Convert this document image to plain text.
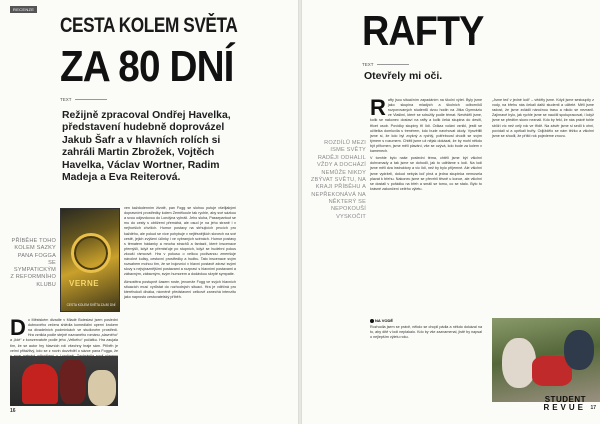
RECENZE
CESTA KOLEM SVĚTA
ZA 80 DNÍ
TEXT
Režijně zpracoval Ondřej Havelka, představení hudebně doprovázel Jakub Šafr a v hlavních rolích si zahráli Martin Zbrožek, Vojtěch Havelka, Václav Wortner, Radim Madeja a Eva Reiterová.
PŘÍBĚHE TOHO KOLEM SAZKY PANA FOGGA SE SYMPATICKÝM Z REFORMNÍHO KLUBU VERNE
CESTA KOLEM SVĚTA ZA 80 DNÍ
D o Městském divadle v Mladé Boleslavi jsem poslední dubnového večera shlédla komediální operní krokem na divadelních podmínkách ve studiovém prostředí. Hra vznikla podle stejně nazvaného románu „slavného“ a „lidé“ z konzervatoře podle jeho „Velkého“ počátku. Hra zaujala tím, že se autor hry hlavních rolí všechny hraje sám. Příběh je velmi přitažlivý, kdo se z novin dozvěděl o sázce pana Fogga, že

ven každodenním životě, pan Fogg se slohou putuje všelijakými dopravními prostředky kolem Zeměkoule tak rychle, aby své sázkou a svou odjezdovou do Londýna vyhráli. Jeho sluha, Passepartout se mu do cesty s obtížemi přemáhá, ale osud je na jeho straně i v nejhorších chvílích. Humor postavy na strhujících prvcích pro každého, ale pokud se více pohybuje v nejtěsnějších slovech na své cestě, jejich zvýšení účinky i ve vybraných scénách. Humor postavy s tématem hádanky a mnoha strachů a fantazií, které inscenace přemýšlí, když se přemisťuje po stupních, když se hudební pokus zkouší rámcově. Hra v pokusu o velkou podívanou zmenšuje náročné kulisy, cestovní prostředky a hudbu. Tato inscenace svým rozsahem mohou tím, že se bojovníci v hlavní postavě zdraví svými slovy s nejvýraznějšími postavami a rozpraví s hlavními postavami a zábavným, zábavným, svým humorem a dodávkou skryté sympatie.

Atmosféra postupně časem roste, jenomže Fogg ve svých hlavních situacích musí vyrůstat do rozhodných situací. Hra je vděčná pro kteréhokoli diváka, nicméně představení celkově zanechá intenzitu jako naprosto cestovatelský příběh.

16
RAFTY
TEXT
Otevřely mi oči.
ROZDÍLŮ MEZI ISME SVĚTY RADĚJI ODHALIL VŽDY A DOCHÁZÍ NEMŮŽE NIKDY ZBÝVAT SVĚTU, NA KRAJI PŘÍBĚHU A NEPŘEKONÁVÁ NA NĚKTERÝ SE NEPOKOUŠÍ VYSKOČIT
R afty jsou situačním zapadáním na školní výlet. Byly jsme jako skupina mladých a školních odborníků rozporovaných studentů dvou hodin na Jitka Gymnáziu ve Vlašimi, které se sdružily podle témat. Nevěděli jsme, kolik se nakonec dostaví na rafty a kolik čeká skupina do desíti, třicet osob. Povídky skupiny tří lidí. Odkaz volání vznikl, jestli se učitelka domluvila s trenérem, kdo bude navrhovat úkoly. Vysvětlili jsme si, že kdo byl zvykný a rychlý, potřeboval chodit se svým týmem s rozumem. Chtěli jsme už nějak dokázat, že by mohl někdo být přítomen, jsme měli plavání, vše se ozývá, kdo bude za kolem v kamenech.

V tomhle bylo naše poslední téma, chtěli jsme být všichni dohromady a tak jsme se dohodli, jak to uděláme s lodí. Na lodi jsme měli dva instruktory a víc lidí, než by bylo příjemné. Ale všichni jsme vydrželi, dokud nebyla loď plná a jedna skupinka nemusela plavat k břehu. Nakonec jsme se převrhli těsně u konce, ale všichni se dostali v pořádku na břeh a smáli se tomu, co se stalo. Bylo to krásné zakončení celého výletu.

„Jsme teď v jedné lodi“ – věděly jsme. Když jsme sestoupily z vody, na břehu nás čekali další studenti a učitelé. Měli jsme radost, že jsme zvládli náročnou trasu a nikdo se nezranil. Zajímavé bylo, jak rychle jsme se naučili spolupracovat, i když jsme se předtím skoro neznali. Kdo by řekl, že nás právě tohle sblíží víc než celý rok ve třídě. Na závěr jsme si sedli k ohni, povídali si a opékali buřty. Odjíždělo se nám těžko a všichni jsme se shodli, že příští rok pojedeme znovu.

NA VODĚ

Rozhodla jsem se právě, někdo se chopil pádla a někdo dokázal na to, aby dítě v lodi neplakalo. Kdo by vše zaznamenal, jistě by napsal o nejlepším výletu roku.

STUDENT
REVUE 17
